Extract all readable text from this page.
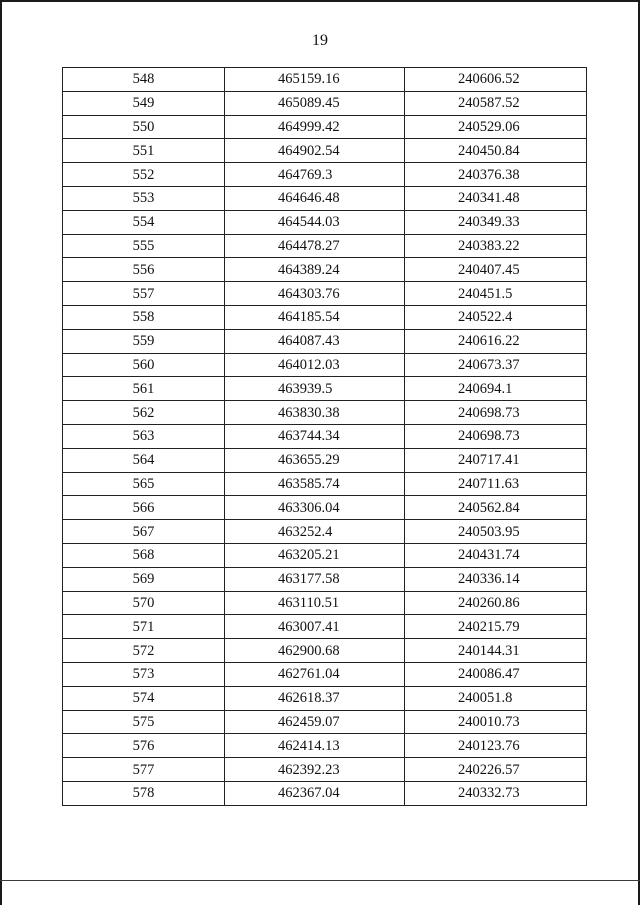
19
548	465159.16	240606.52
549	465089.45	240587.52
550	464999.42	240529.06
551	464902.54	240450.84
552	464769.3	240376.38
553	464646.48	240341.48
554	464544.03	240349.33
555	464478.27	240383.22
556	464389.24	240407.45
557	464303.76	240451.5
558	464185.54	240522.4
559	464087.43	240616.22
560	464012.03	240673.37
561	463939.5	240694.1
562	463830.38	240698.73
563	463744.34	240698.73
564	463655.29	240717.41
565	463585.74	240711.63
566	463306.04	240562.84
567	463252.4	240503.95
568	463205.21	240431.74
569	463177.58	240336.14
570	463110.51	240260.86
571	463007.41	240215.79
572	462900.68	240144.31
573	462761.04	240086.47
574	462618.37	240051.8
575	462459.07	240010.73
576	462414.13	240123.76
577	462392.23	240226.57
578	462367.04	240332.73
